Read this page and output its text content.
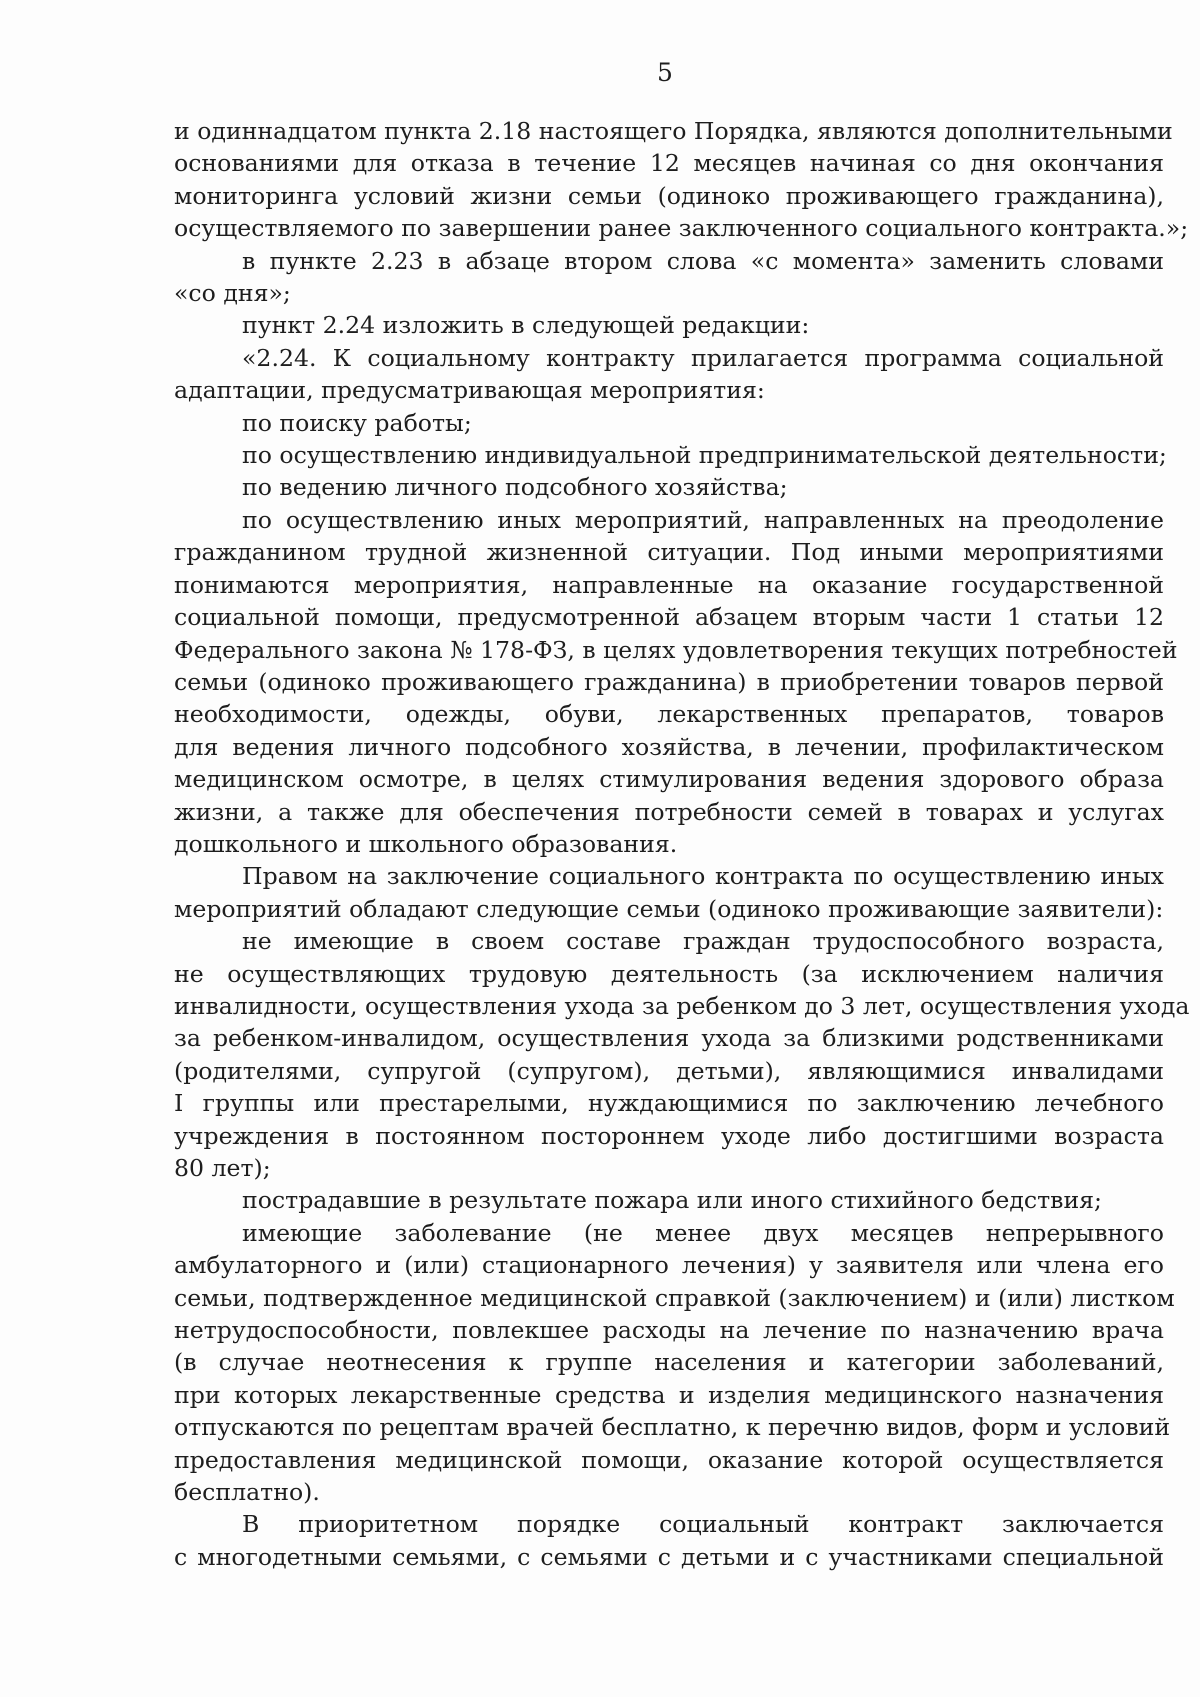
5
и одиннадцатом пункта 2.18 настоящего Порядка, являются дополнительными
основаниями для отказа в течение 12 месяцев начиная со дня окончания
мониторинга условий жизни семьи (одиноко проживающего гражданина),
осуществляемого по завершении ранее заключенного социального контракта.»;
в пункте 2.23 в абзаце втором слова «с момента» заменить словами
«со дня»;
пункт 2.24 изложить в следующей редакции:
«2.24. К социальному контракту прилагается программа социальной
адаптации, предусматривающая мероприятия:
по поиску работы;
по осуществлению индивидуальной предпринимательской деятельности;
по ведению личного подсобного хозяйства;
по осуществлению иных мероприятий, направленных на преодоление
гражданином трудной жизненной ситуации. Под иными мероприятиями
понимаются мероприятия, направленные на оказание государственной
социальной помощи, предусмотренной абзацем вторым части 1 статьи 12
Федерального закона № 178-ФЗ, в целях удовлетворения текущих потребностей
семьи (одиноко проживающего гражданина) в приобретении товаров первой
необходимости, одежды, обуви, лекарственных препаратов, товаров
для ведения личного подсобного хозяйства, в лечении, профилактическом
медицинском осмотре, в целях стимулирования ведения здорового образа
жизни, а также для обеспечения потребности семей в товарах и услугах
дошкольного и школьного образования.
Правом на заключение социального контракта по осуществлению иных
мероприятий обладают следующие семьи (одиноко проживающие заявители):
не имеющие в своем составе граждан трудоспособного возраста,
не осуществляющих трудовую деятельность (за исключением наличия
инвалидности, осуществления ухода за ребенком до 3 лет, осуществления ухода
за ребенком-инвалидом, осуществления ухода за близкими родственниками
(родителями, супругой (супругом), детьми), являющимися инвалидами
I группы или престарелыми, нуждающимися по заключению лечебного
учреждения в постоянном постороннем уходе либо достигшими возраста
80 лет);
пострадавшие в результате пожара или иного стихийного бедствия;
имеющие заболевание (не менее двух месяцев непрерывного
амбулаторного и (или) стационарного лечения) у заявителя или члена его
семьи, подтвержденное медицинской справкой (заключением) и (или) листком
нетрудоспособности, повлекшее расходы на лечение по назначению врача
(в случае неотнесения к группе населения и категории заболеваний,
при которых лекарственные средства и изделия медицинского назначения
отпускаются по рецептам врачей бесплатно, к перечню видов, форм и условий
предоставления медицинской помощи, оказание которой осуществляется
бесплатно).
В приоритетном порядке социальный контракт заключается
с многодетными семьями, с семьями с детьми и с участниками специальной
